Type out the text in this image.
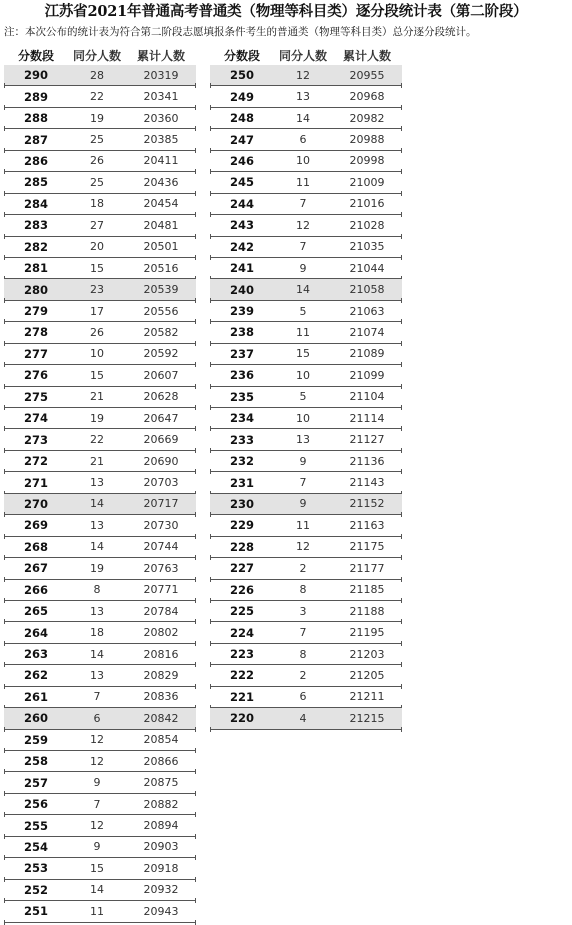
江苏省2021年普通高考普通类（物理等科目类）逐分段统计表（第二阶段）
注：本次公布的统计表为符合第二阶段志愿填报条件考生的普通类（物理等科目类）总分逐分段统计。
分数段	同分人数	累计人数
290	28	20319
289	22	20341
288	19	20360
287	25	20385
286	26	20411
285	25	20436
284	18	20454
283	27	20481
282	20	20501
281	15	20516
280	23	20539
279	17	20556
278	26	20582
277	10	20592
276	15	20607
275	21	20628
274	19	20647
273	22	20669
272	21	20690
271	13	20703
270	14	20717
269	13	20730
268	14	20744
267	19	20763
266	8	20771
265	13	20784
264	18	20802
263	14	20816
262	13	20829
261	7	20836
260	6	20842
259	12	20854
258	12	20866
257	9	20875
256	7	20882
255	12	20894
254	9	20903
253	15	20918
252	14	20932
251	11	20943
分数段	同分人数	累计人数
250	12	20955
249	13	20968
248	14	20982
247	6	20988
246	10	20998
245	11	21009
244	7	21016
243	12	21028
242	7	21035
241	9	21044
240	14	21058
239	5	21063
238	11	21074
237	15	21089
236	10	21099
235	5	21104
234	10	21114
233	13	21127
232	9	21136
231	7	21143
230	9	21152
229	11	21163
228	12	21175
227	2	21177
226	8	21185
225	3	21188
224	7	21195
223	8	21203
222	2	21205
221	6	21211
220	4	21215
